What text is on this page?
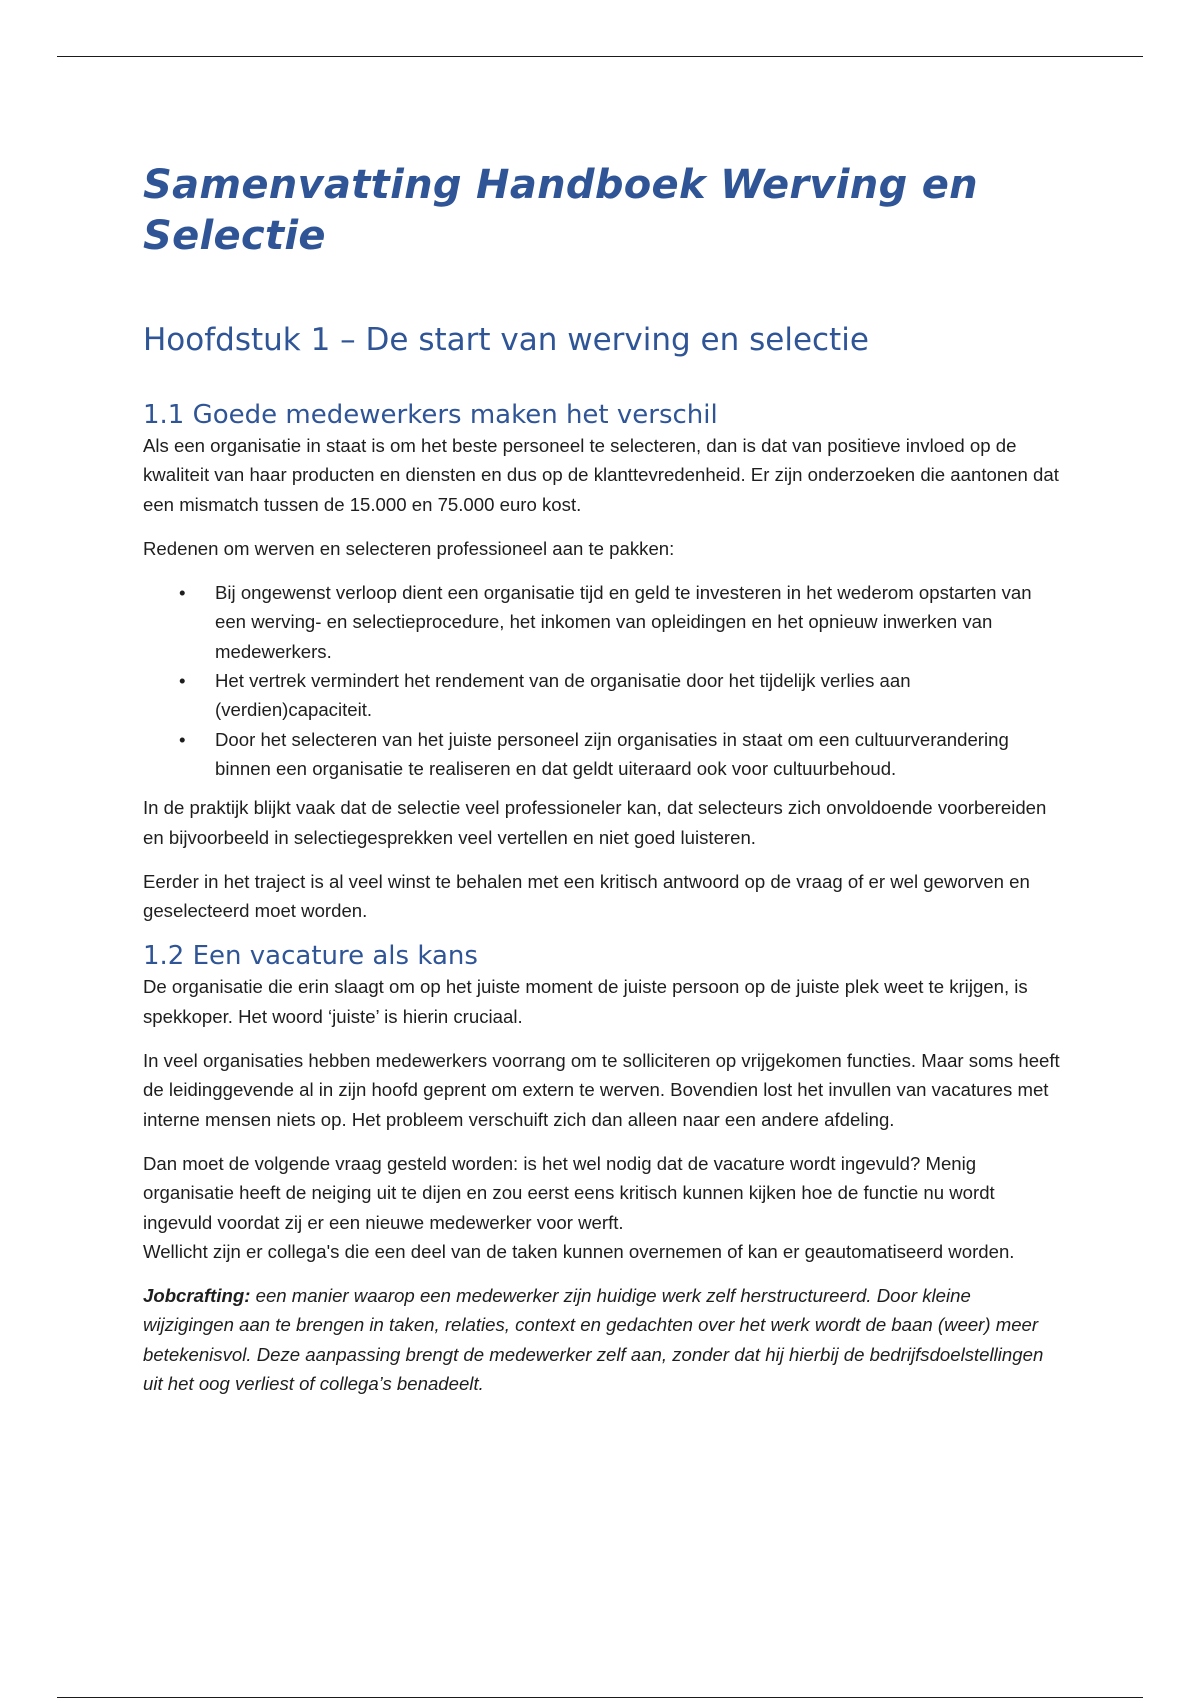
Samenvatting Handboek Werving en Selectie
Hoofdstuk 1 – De start van werving en selectie
1.1 Goede medewerkers maken het verschil

Als een organisatie in staat is om het beste personeel te selecteren, dan is dat van positieve invloed op de kwaliteit van haar producten en diensten en dus op de klanttevredenheid. Er zijn onderzoeken die aantonen dat een mismatch tussen de 15.000 en 75.000 euro kost.

Redenen om werven en selecteren professioneel aan te pakken:

• Bij ongewenst verloop dient een organisatie tijd en geld te investeren in het wederom opstarten van een werving- en selectieprocedure, het inkomen van opleidingen en het opnieuw inwerken van medewerkers.
• Het vertrek vermindert het rendement van de organisatie door het tijdelijk verlies aan (verdien)capaciteit.
• Door het selecteren van het juiste personeel zijn organisaties in staat om een cultuurverandering binnen een organisatie te realiseren en dat geldt uiteraard ook voor cultuurbehoud.

In de praktijk blijkt vaak dat de selectie veel professioneler kan, dat selecteurs zich onvoldoende voorbereiden en bijvoorbeeld in selectiegesprekken veel vertellen en niet goed luisteren.

Eerder in het traject is al veel winst te behalen met een kritisch antwoord op de vraag of er wel geworven en geselecteerd moet worden.

1.2 Een vacature als kans

De organisatie die erin slaagt om op het juiste moment de juiste persoon op de juiste plek weet te krijgen, is spekkoper. Het woord ‘juiste’ is hierin cruciaal.

In veel organisaties hebben medewerkers voorrang om te solliciteren op vrijgekomen functies. Maar soms heeft de leidinggevende al in zijn hoofd geprent om extern te werven. Bovendien lost het invullen van vacatures met interne mensen niets op. Het probleem verschuift zich dan alleen naar een andere afdeling.

Dan moet de volgende vraag gesteld worden: is het wel nodig dat de vacature wordt ingevuld? Menig organisatie heeft de neiging uit te dijen en zou eerst eens kritisch kunnen kijken hoe de functie nu wordt ingevuld voordat zij er een nieuwe medewerker voor werft.
Wellicht zijn er collega's die een deel van de taken kunnen overnemen of kan er geautomatiseerd worden.

Jobcrafting: een manier waarop een medewerker zijn huidige werk zelf herstructureerd. Door kleine wijzigingen aan te brengen in taken, relaties, context en gedachten over het werk wordt de baan (weer) meer betekenisvol. Deze aanpassing brengt de medewerker zelf aan, zonder dat hij hierbij de bedrijfsdoelstellingen uit het oog verliest of collega’s benadeelt.
